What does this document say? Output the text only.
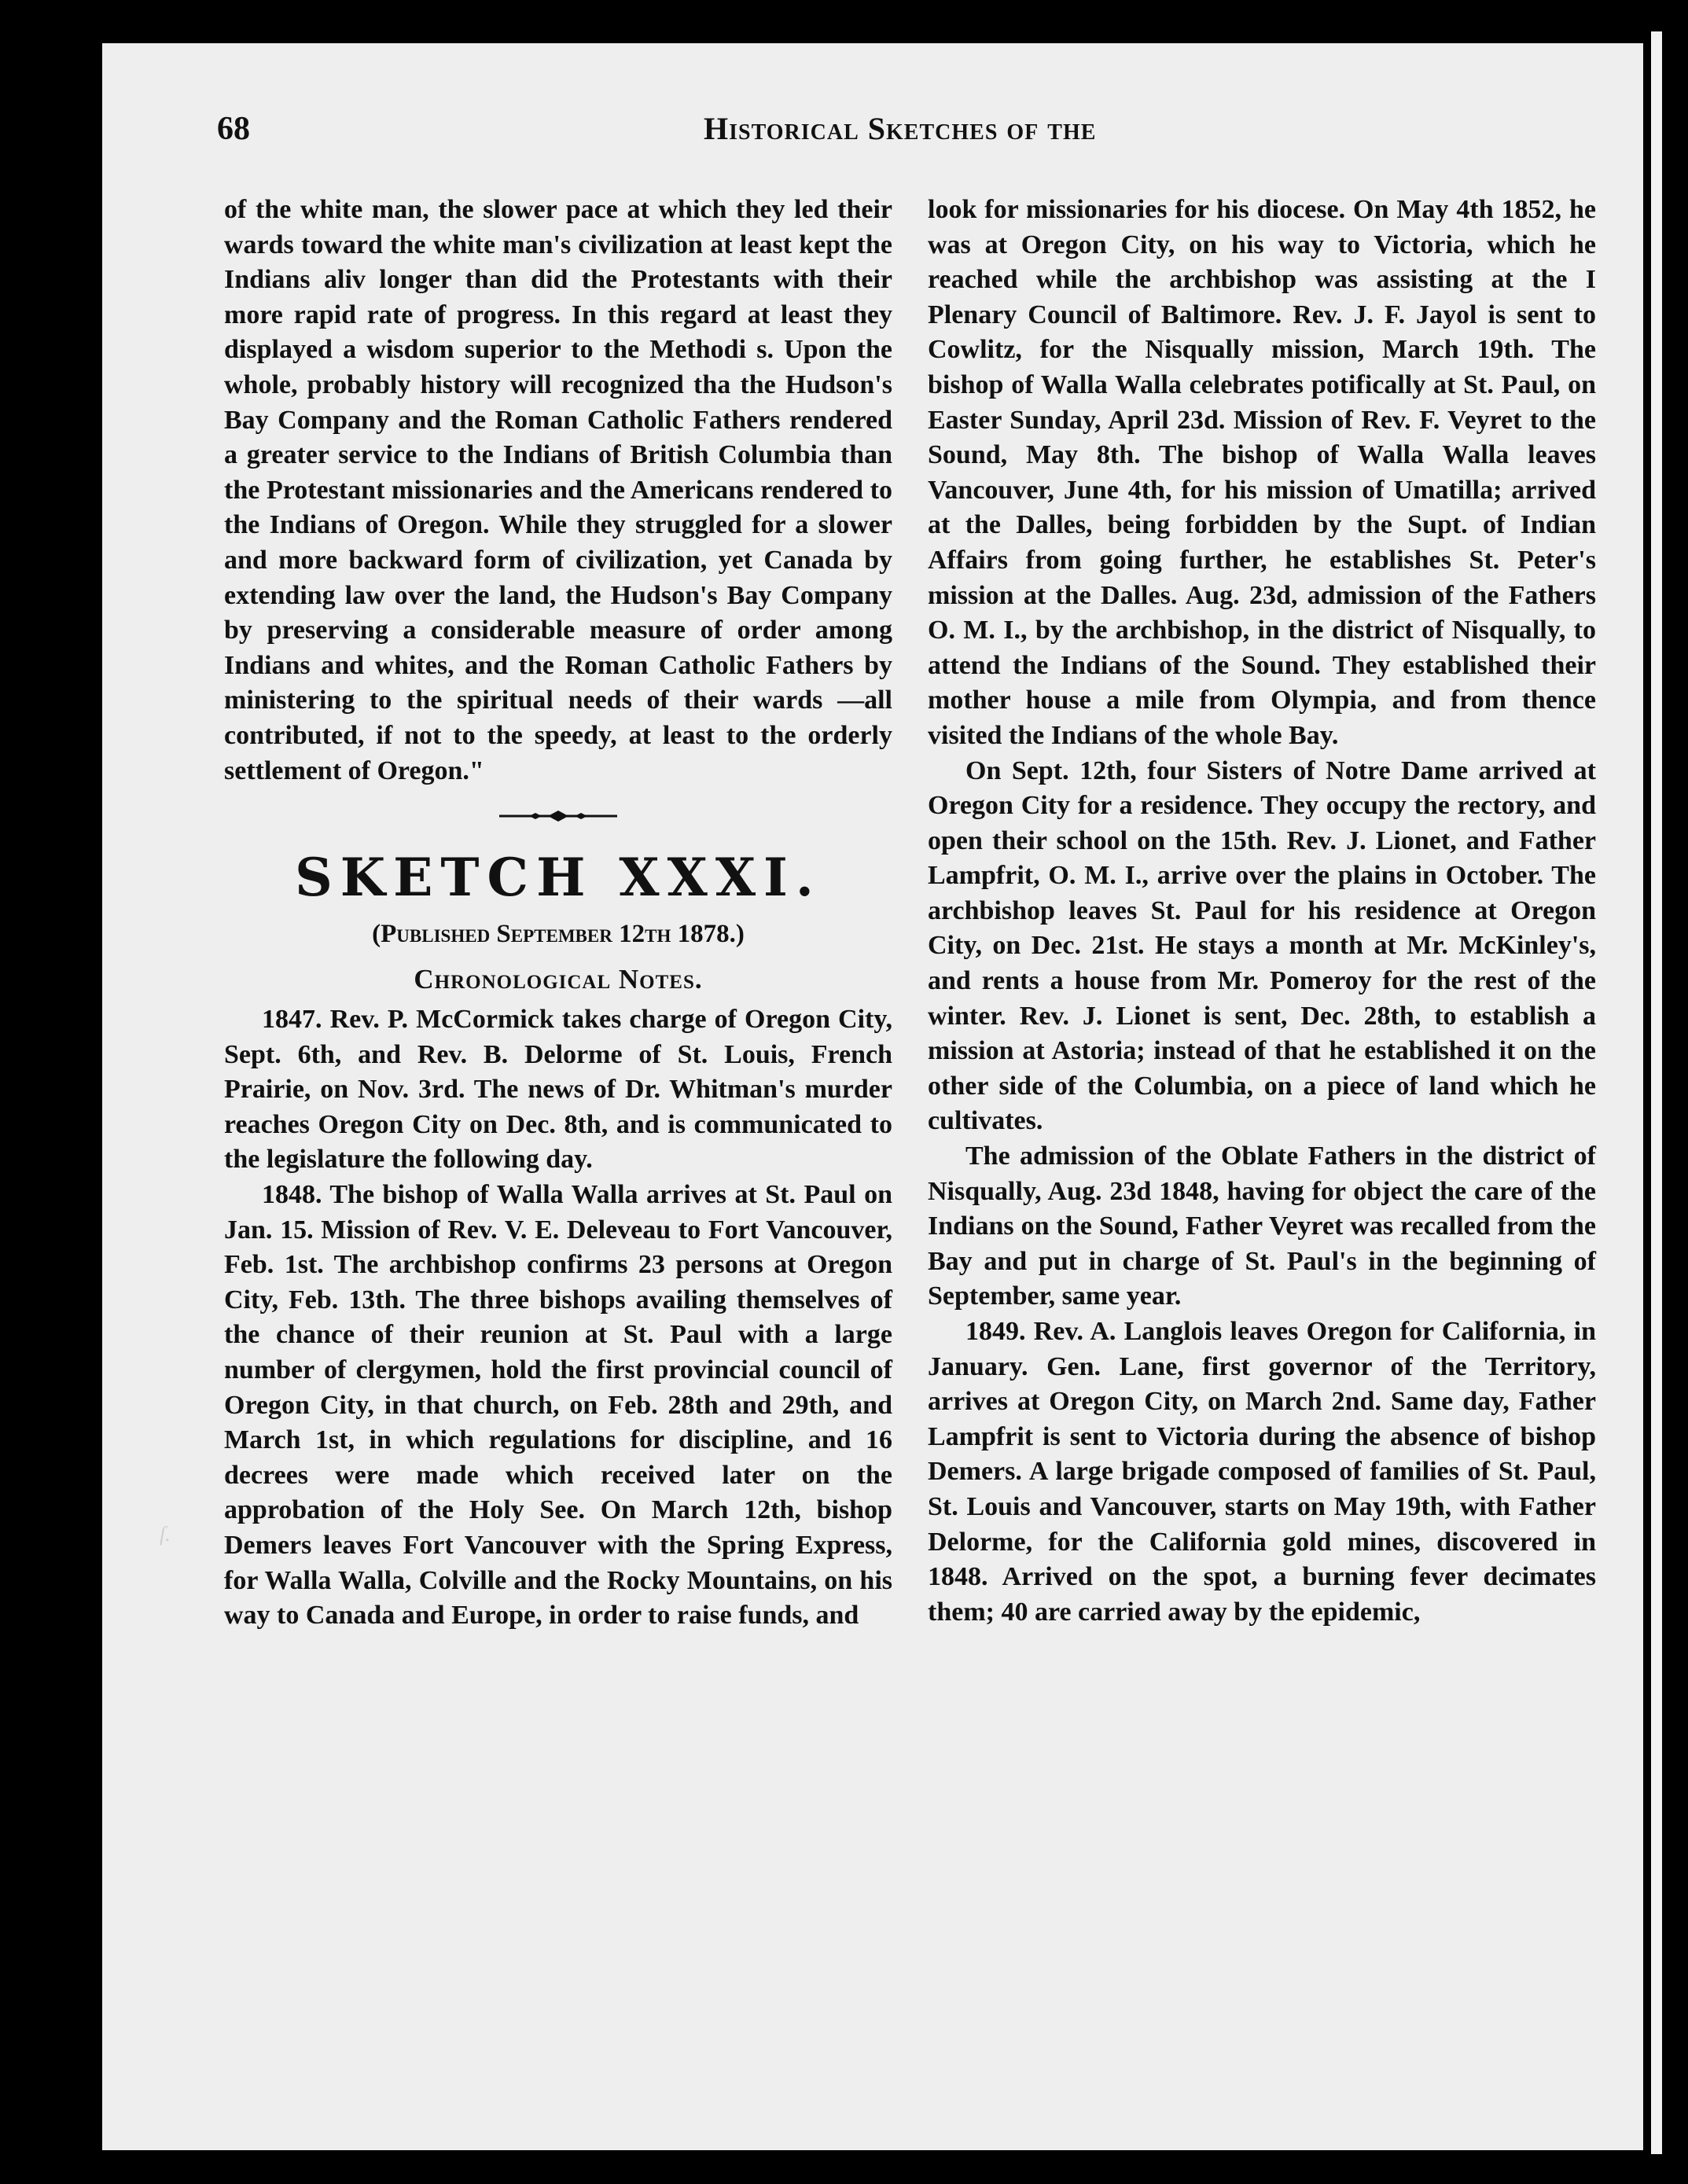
68	Historical Sketches of the

of the white man, the slower pace at which they led their wards toward the white man's civilization at least kept the Indians aliv longer than did the Protestants with their more rapid rate of progress. In this regard at least they displayed a wisdom superior to the Methodi s. Upon the whole, probably history will recognized tha the Hudson's Bay Company and the Roman Catholic Fathers rendered a greater service to the Indians of British Columbia than the Protestant missionaries and the Americans rendered to the Indians of Oregon. While they struggled for a slower and more backward form of civilization, yet Canada by extending law over the land, the Hudson's Bay Company by preserving a considerable measure of order among Indians and whites, and the Roman Catholic Fathers by ministering to the spiritual needs of their wards —all contributed, if not to the speedy, at least to the orderly settlement of Oregon."

SKETCH XXXI.

(Published September 12th 1878.)

Chronological Notes.

1847. Rev. P. McCormick takes charge of Oregon City, Sept. 6th, and Rev. B. Delorme of St. Louis, French Prairie, on Nov. 3rd. The news of Dr. Whitman's murder reaches Oregon City on Dec. 8th, and is communicated to the legislature the following day.

1848. The bishop of Walla Walla arrives at St. Paul on Jan. 15. Mission of Rev. V. E. Deleveau to Fort Vancouver, Feb. 1st. The archbishop confirms 23 persons at Oregon City, Feb. 13th. The three bishops availing themselves of the chance of their reunion at St. Paul with a large number of clergymen, hold the first provincial council of Oregon City, in that church, on Feb. 28th and 29th, and March 1st, in which regulations for discipline, and 16 decrees were made which received later on the approbation of the Holy See. On March 12th, bishop Demers leaves Fort Vancouver with the Spring Express, for Walla Walla, Colville and the Rocky Mountains, on his way to Canada and Europe, in order to raise funds, and

look for missionaries for his diocese. On May 4th 1852, he was at Oregon City, on his way to Victoria, which he reached while the archbishop was assisting at the I Plenary Council of Baltimore. Rev. J. F. Jayol is sent to Cowlitz, for the Nisqually mission, March 19th. The bishop of Walla Walla celebrates potifically at St. Paul, on Easter Sunday, April 23d. Mission of Rev. F. Veyret to the Sound, May 8th. The bishop of Walla Walla leaves Vancouver, June 4th, for his mission of Umatilla; arrived at the Dalles, being forbidden by the Supt. of Indian Affairs from going further, he establishes St. Peter's mission at the Dalles. Aug. 23d, admission of the Fathers O. M. I., by the archbishop, in the district of Nisqually, to attend the Indians of the Sound. They established their mother house a mile from Olympia, and from thence visited the Indians of the whole Bay.

On Sept. 12th, four Sisters of Notre Dame arrived at Oregon City for a residence. They occupy the rectory, and open their school on the 15th. Rev. J. Lionet, and Father Lampfrit, O. M. I., arrive over the plains in October. The archbishop leaves St. Paul for his residence at Oregon City, on Dec. 21st. He stays a month at Mr. McKinley's, and rents a house from Mr. Pomeroy for the rest of the winter. Rev. J. Lionet is sent, Dec. 28th, to establish a mission at Astoria; instead of that he established it on the other side of the Columbia, on a piece of land which he cultivates.

The admission of the Oblate Fathers in the district of Nisqually, Aug. 23d 1848, having for object the care of the Indians on the Sound, Father Veyret was recalled from the Bay and put in charge of St. Paul's in the beginning of September, same year.

1849. Rev. A. Langlois leaves Oregon for California, in January. Gen. Lane, first governor of the Territory, arrives at Oregon City, on March 2nd. Same day, Father Lampfrit is sent to Victoria during the absence of bishop Demers. A large brigade composed of families of St. Paul, St. Louis and Vancouver, starts on May 19th, with Father Delorme, for the California gold mines, discovered in 1848. Arrived on the spot, a burning fever decimates them; 40 are carried away by the epidemic,

ſ.
